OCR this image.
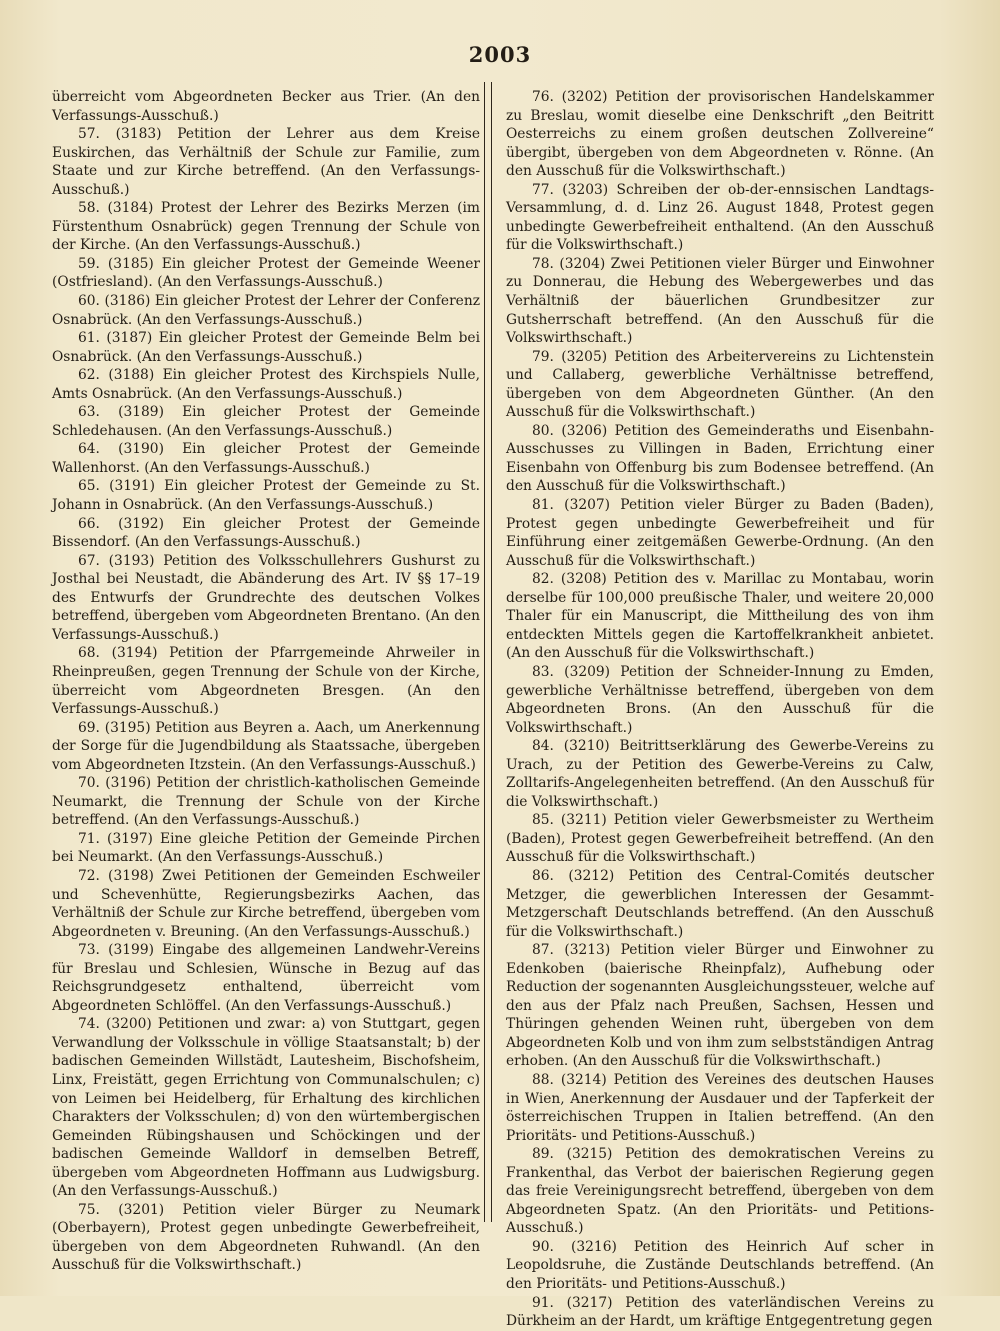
2003

überreicht vom Abgeordneten Becker aus Trier. (An den Verfassungs-Ausschuß.)

57. (3183) Petition der Lehrer aus dem Kreise Euskirchen, das Verhältniß der Schule zur Familie, zum Staate und zur Kirche betreffend. (An den Verfassungs-Ausschuß.)

58. (3184) Protest der Lehrer des Bezirks Merzen (im Fürstenthum Osnabrück) gegen Trennung der Schule von der Kirche. (An den Verfassungs-Ausschuß.)

59. (3185) Ein gleicher Protest der Gemeinde Weener (Ostfriesland). (An den Verfassungs-Ausschuß.)

60. (3186) Ein gleicher Protest der Lehrer der Conferenz Osnabrück. (An den Verfassungs-Ausschuß.)

61. (3187) Ein gleicher Protest der Gemeinde Belm bei Osnabrück. (An den Verfassungs-Ausschuß.)

62. (3188) Ein gleicher Protest des Kirchspiels Nulle, Amts Osnabrück. (An den Verfassungs-Ausschuß.)

63. (3189) Ein gleicher Protest der Gemeinde Schledehausen. (An den Verfassungs-Ausschuß.)

64. (3190) Ein gleicher Protest der Gemeinde Wallenhorst. (An den Verfassungs-Ausschuß.)

65. (3191) Ein gleicher Protest der Gemeinde zu St. Johann in Osnabrück. (An den Verfassungs-Ausschuß.)

66. (3192) Ein gleicher Protest der Gemeinde Bissendorf. (An den Verfassungs-Ausschuß.)

67. (3193) Petition des Volksschullehrers Gushurst zu Josthal bei Neustadt, die Abänderung des Art. IV §§ 17–19 des Entwurfs der Grundrechte des deutschen Volkes betreffend, übergeben vom Abgeordneten Brentano. (An den Verfassungs-Ausschuß.)

68. (3194) Petition der Pfarrgemeinde Ahrweiler in Rheinpreußen, gegen Trennung der Schule von der Kirche, überreicht vom Abgeordneten Bresgen. (An den Verfassungs-Ausschuß.)

69. (3195) Petition aus Beyren a. Aach, um Anerkennung der Sorge für die Jugendbildung als Staatssache, übergeben vom Abgeordneten Itzstein. (An den Verfassungs-Ausschuß.)

70. (3196) Petition der christlich-katholischen Gemeinde Neumarkt, die Trennung der Schule von der Kirche betreffend. (An den Verfassungs-Ausschuß.)

71. (3197) Eine gleiche Petition der Gemeinde Pirchen bei Neumarkt. (An den Verfassungs-Ausschuß.)

72. (3198) Zwei Petitionen der Gemeinden Eschweiler und Schevenhütte, Regierungsbezirks Aachen, das Verhältniß der Schule zur Kirche betreffend, übergeben vom Abgeordneten v. Breuning. (An den Verfassungs-Ausschuß.)

73. (3199) Eingabe des allgemeinen Landwehr-Vereins für Breslau und Schlesien, Wünsche in Bezug auf das Reichsgrundgesetz enthaltend, überreicht vom Abgeordneten Schlöffel. (An den Verfassungs-Ausschuß.)

74. (3200) Petitionen und zwar: a) von Stuttgart, gegen Verwandlung der Volksschule in völlige Staatsanstalt; b) der badischen Gemeinden Willstädt, Lautesheim, Bischofsheim, Linx, Freistätt, gegen Errichtung von Communalschulen; c) von Leimen bei Heidelberg, für Erhaltung des kirchlichen Charakters der Volksschulen; d) von den würtembergischen Gemeinden Rübingshausen und Schöckingen und der badischen Gemeinde Walldorf in demselben Betreff, übergeben vom Abgeordneten Hoffmann aus Ludwigsburg. (An den Verfassungs-Ausschuß.)

75. (3201) Petition vieler Bürger zu Neumark (Oberbayern), Protest gegen unbedingte Gewerbefreiheit, übergeben von dem Abgeordneten Ruhwandl. (An den Ausschuß für die Volkswirthschaft.)

76. (3202) Petition der provisorischen Handelskammer zu Breslau, womit dieselbe eine Denkschrift „den Beitritt Oesterreichs zu einem großen deutschen Zollvereine“ übergibt, übergeben von dem Abgeordneten v. Rönne. (An den Ausschuß für die Volkswirthschaft.)

77. (3203) Schreiben der ob-der-ennsischen Landtags-Versammlung, d. d. Linz 26. August 1848, Protest gegen unbedingte Gewerbefreiheit enthaltend. (An den Ausschuß für die Volkswirthschaft.)

78. (3204) Zwei Petitionen vieler Bürger und Einwohner zu Donnerau, die Hebung des Webergewerbes und das Verhältniß der bäuerlichen Grundbesitzer zur Gutsherrschaft betreffend. (An den Ausschuß für die Volkswirthschaft.)

79. (3205) Petition des Arbeitervereins zu Lichtenstein und Callaberg, gewerbliche Verhältnisse betreffend, übergeben von dem Abgeordneten Günther. (An den Ausschuß für die Volkswirthschaft.)

80. (3206) Petition des Gemeinderaths und Eisenbahn-Ausschusses zu Villingen in Baden, Errichtung einer Eisenbahn von Offenburg bis zum Bodensee betreffend. (An den Ausschuß für die Volkswirthschaft.)

81. (3207) Petition vieler Bürger zu Baden (Baden), Protest gegen unbedingte Gewerbefreiheit und für Einführung einer zeitgemäßen Gewerbe-Ordnung. (An den Ausschuß für die Volkswirthschaft.)

82. (3208) Petition des v. Marillac zu Montabau, worin derselbe für 100,000 preußische Thaler, und weitere 20,000 Thaler für ein Manuscript, die Mittheilung des von ihm entdeckten Mittels gegen die Kartoffelkrankheit anbietet. (An den Ausschuß für die Volkswirthschaft.)

83. (3209) Petition der Schneider-Innung zu Emden, gewerbliche Verhältnisse betreffend, übergeben von dem Abgeordneten Brons. (An den Ausschuß für die Volkswirthschaft.)

84. (3210) Beitrittserklärung des Gewerbe-Vereins zu Urach, zu der Petition des Gewerbe-Vereins zu Calw, Zolltarifs-Angelegenheiten betreffend. (An den Ausschuß für die Volkswirthschaft.)

85. (3211) Petition vieler Gewerbsmeister zu Wertheim (Baden), Protest gegen Gewerbefreiheit betreffend. (An den Ausschuß für die Volkswirthschaft.)

86. (3212) Petition des Central-Comités deutscher Metzger, die gewerblichen Interessen der Gesammt-Metzgerschaft Deutschlands betreffend. (An den Ausschuß für die Volkswirthschaft.)

87. (3213) Petition vieler Bürger und Einwohner zu Edenkoben (baierische Rheinpfalz), Aufhebung oder Reduction der sogenannten Ausgleichungssteuer, welche auf den aus der Pfalz nach Preußen, Sachsen, Hessen und Thüringen gehenden Weinen ruht, übergeben von dem Abgeordneten Kolb und von ihm zum selbstständigen Antrag erhoben. (An den Ausschuß für die Volkswirthschaft.)

88. (3214) Petition des Vereines des deutschen Hauses in Wien, Anerkennung der Ausdauer und der Tapferkeit der österreichischen Truppen in Italien betreffend. (An den Prioritäts- und Petitions-Ausschuß.)

89. (3215) Petition des demokratischen Vereins zu Frankenthal, das Verbot der baierischen Regierung gegen das freie Vereinigungsrecht betreffend, übergeben von dem Abgeordneten Spatz. (An den Prioritäts- und Petitions-Ausschuß.)

90. (3216) Petition des Heinrich Auf scher in Leopoldsruhe, die Zustände Deutschlands betreffend. (An den Prioritäts- und Petitions-Ausschuß.)

91. (3217) Petition des vaterländischen Vereins zu Dürkheim an der Hardt, um kräftige Entgegentretung gegen
